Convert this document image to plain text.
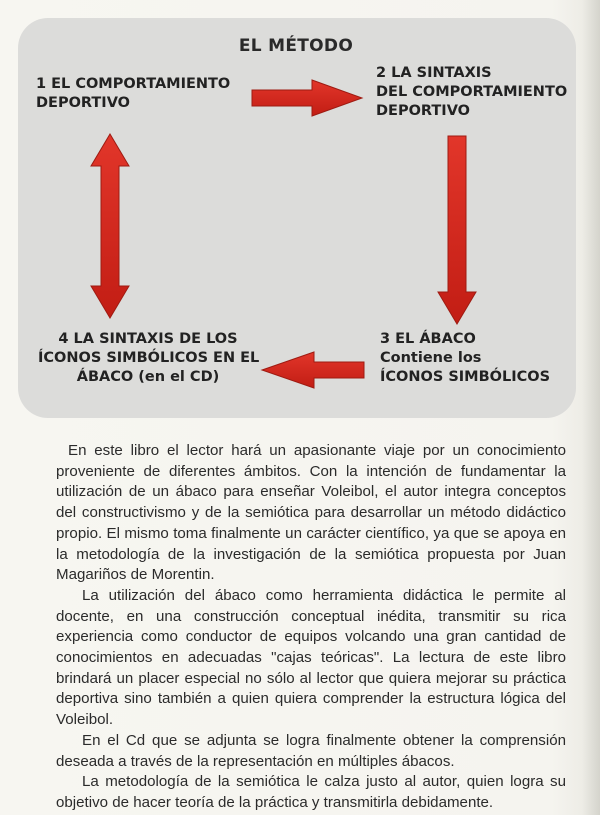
EL MÉTODO
1 EL COMPORTAMIENTO
DEPORTIVO
2 LA SINTAXIS
DEL COMPORTAMIENTO
DEPORTIVO
3 EL ÁBACO
Contiene los
ÍCONOS SIMBÓLICOS
4 LA SINTAXIS DE LOS
ÍCONOS SIMBÓLICOS EN EL
ÁBACO (en el CD)

En este libro el lector hará un apasionante viaje por un conocimiento proveniente de diferentes ámbitos. Con la intención de fundamentar la utilización de un ábaco para enseñar Voleibol, el autor integra conceptos del constructivismo y de la semiótica para desarrollar un método didáctico propio. El mismo toma finalmente un carácter científico, ya que se apoya en la metodología de la investigación de la semiótica propuesta por Juan Magariños de Morentin.

La utilización del ábaco como herramienta didáctica le permite al docente, en una construcción conceptual inédita, transmitir su rica experiencia como conductor de equipos volcando una gran cantidad de conocimientos en adecuadas "cajas teóricas". La lectura de este libro brindará un placer especial no sólo al lector que quiera mejorar su práctica deportiva sino también a quien quiera comprender la estructura lógica del Voleibol.

En el Cd que se adjunta se logra finalmente obtener la comprensión deseada a través de la representación en múltiples ábacos.

La metodología de la semiótica le calza justo al autor, quien logra su objetivo de hacer teoría de la práctica y transmitirla debidamente.
